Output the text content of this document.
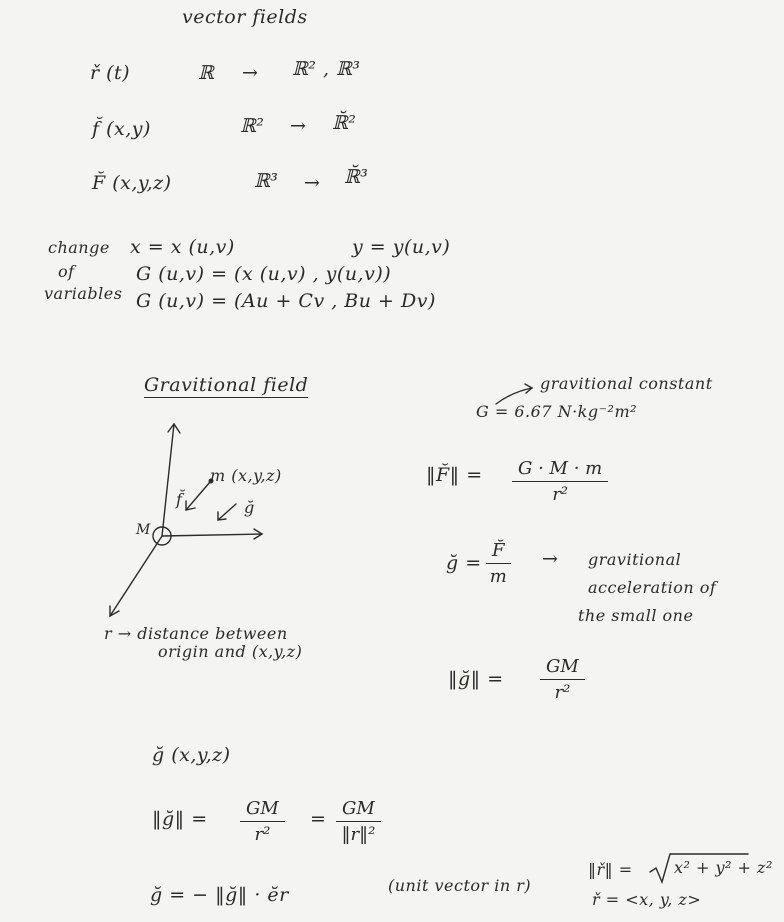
vector fields
ř (t)	ℝ → ℝ² , ℝ³
f̆ (x,y)	ℝ² → ℝ̆²
F̆ (x,y,z)	ℝ³ → ℝ̆³
change
of
variables
x = x (u,v)	y = y(u,v)
G (u,v) = (x (u,v) , y(u,v))
G (u,v) = (Au + Cv , Bu + Dv)
Gravitional field	gravitional constant
G = 6.67 N·kg⁻²m²
‖F̆‖ = $\frac{G \cdot M \cdot m}{\text{r²}}$
ğ = $\frac{F̆}{m}$ → gravitional
acceleration of
the small one
‖ğ‖ = $\frac{GM}{\text{r²}}$
m (x,y,z)
f̆	ğ
M
r → distance between
origin and (x,y,z)
ğ (x,y,z)
‖ğ‖ = $\frac{GM}{\text{r²}} = \frac{GM}{\text{‖r‖²}}$
ğ = − ‖ğ‖ · ĕr	(unit vector in r)
‖ř‖ =	x² + y² + z²
ř = <x, y, z>
